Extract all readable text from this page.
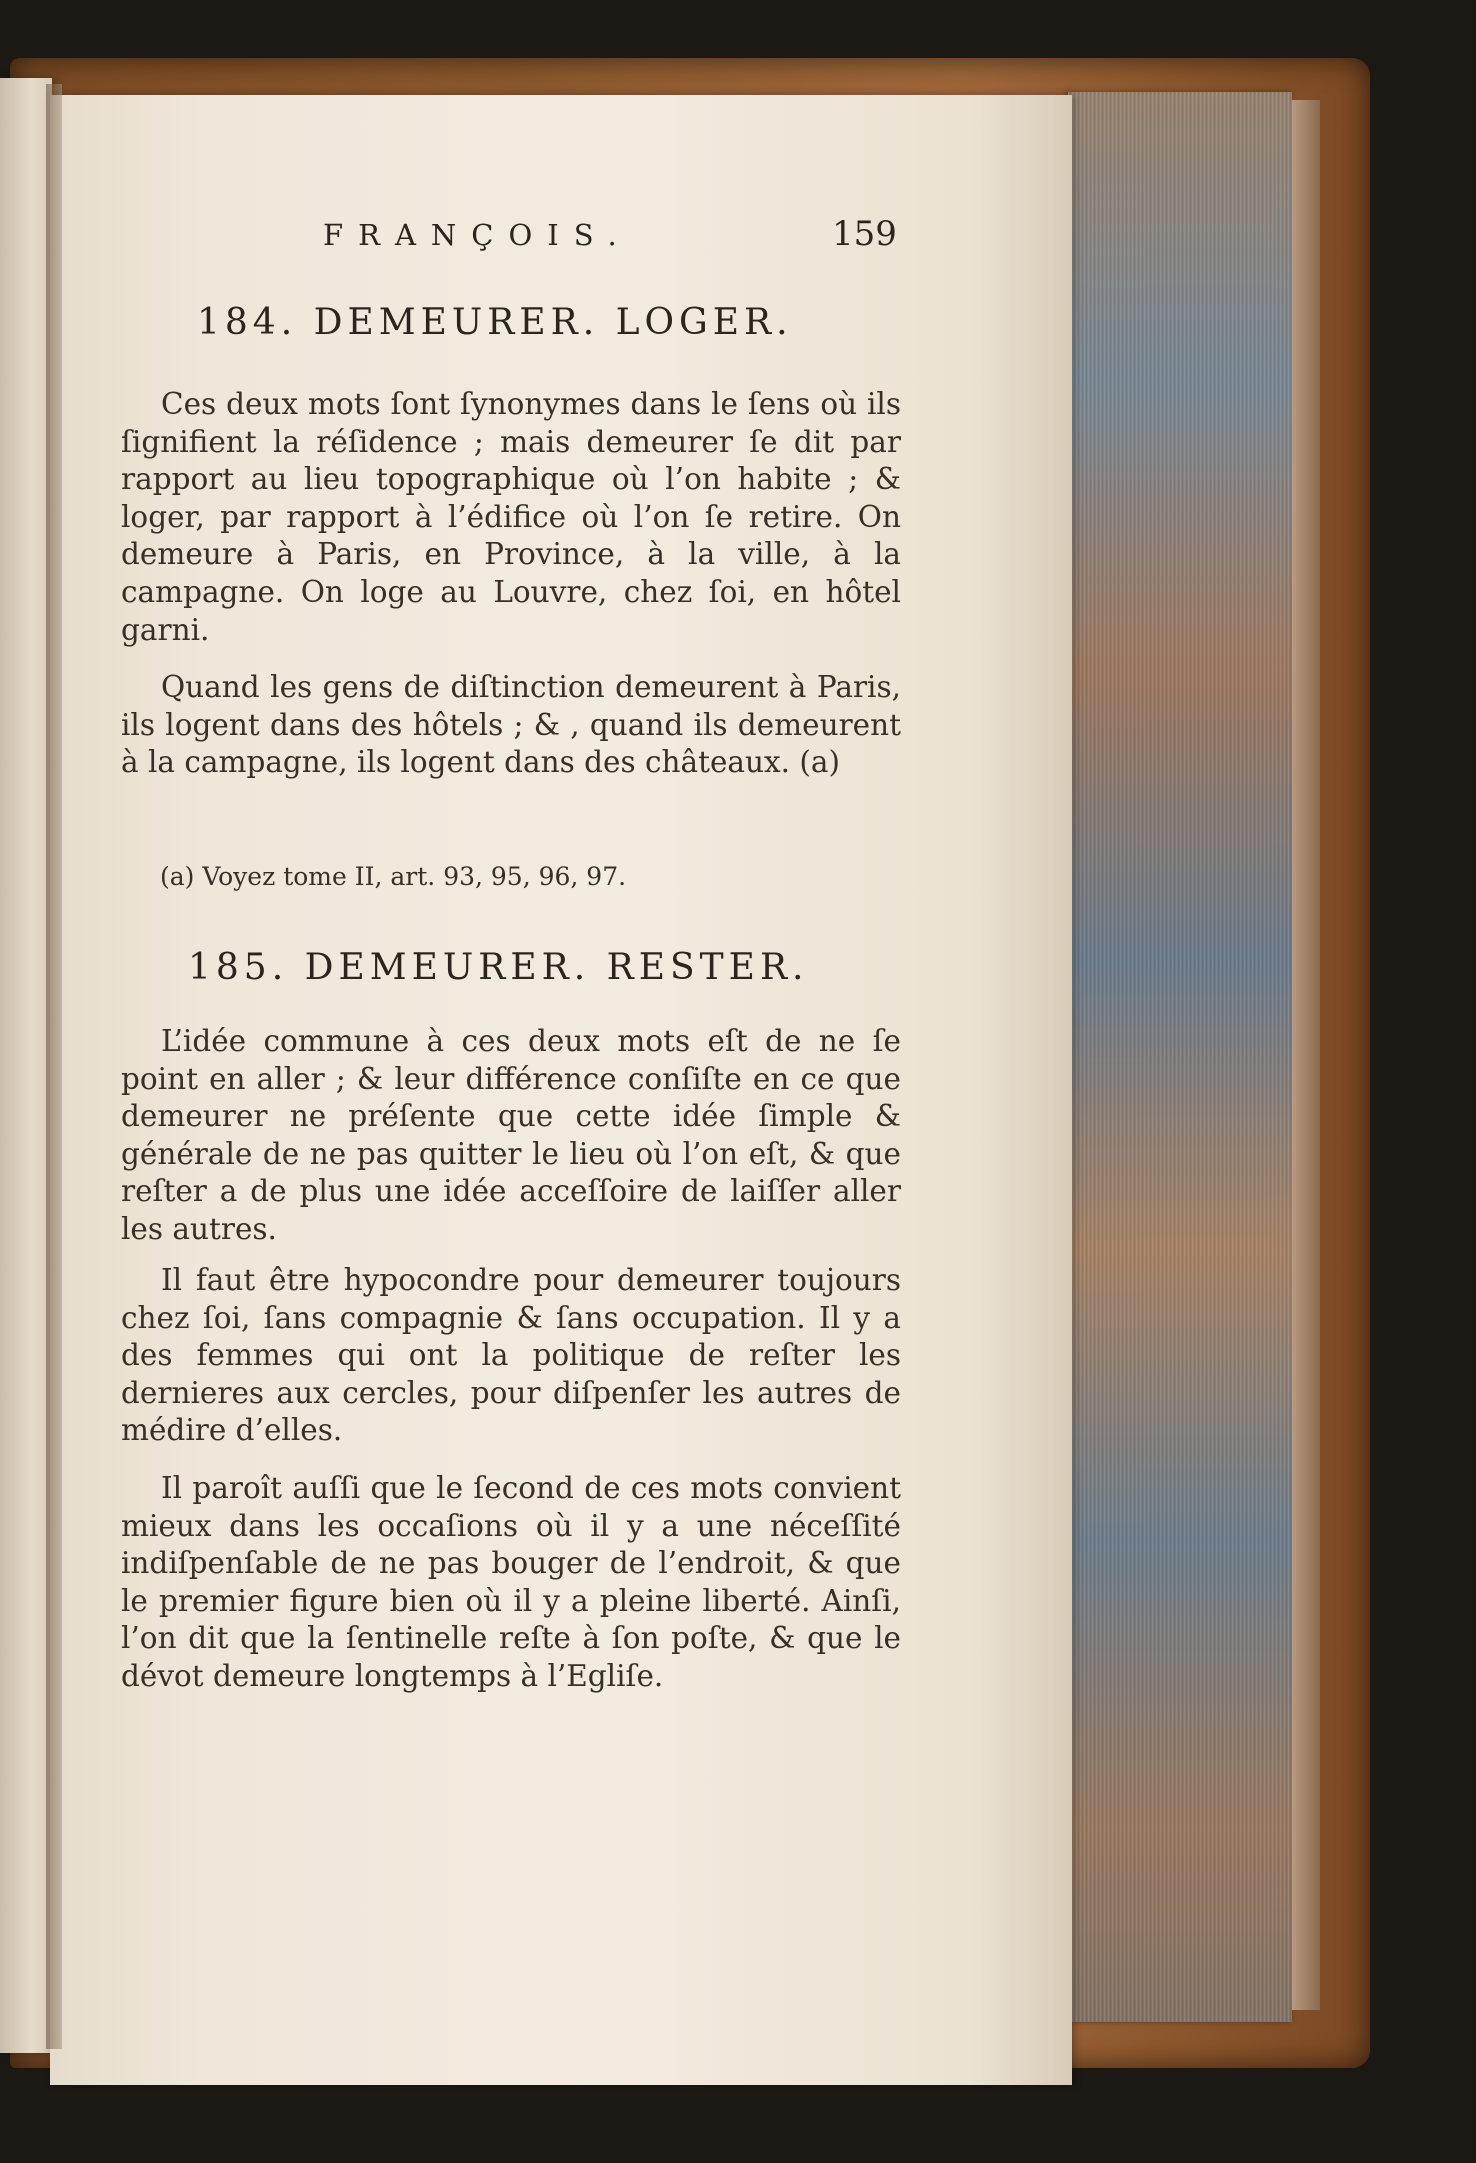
FRANÇOIS.	159
184. DEMEURER. LOGER.
Ces deux mots ſont ſynonymes dans le ſens où ils ſignifient la réſidence ; mais demeurer ſe dit par rapport au lieu topographique où l’on habite ; & loger, par rapport à l’édifice où l’on ſe retire. On demeure à Paris, en Province, à la ville, à la campagne. On loge au Louvre, chez ſoi, en hôtel garni.
Quand les gens de diſtinction demeurent à Paris, ils logent dans des hôtels ; & , quand ils demeurent à la campagne, ils logent dans des châteaux. (a)
(a) Voyez tome II, art. 93, 95, 96, 97.
185. DEMEURER. RESTER.
L’idée commune à ces deux mots eſt de ne ſe point en aller ; & leur différence conſiſte en ce que demeurer ne préſente que cette idée ſimple & générale de ne pas quitter le lieu où l’on eſt, & que reſter a de plus une idée acceſſoire de laiſſer aller les autres.
Il faut être hypocondre pour demeurer toujours chez ſoi, ſans compagnie & ſans occupation. Il y a des femmes qui ont la politique de reſter les dernieres aux cercles, pour diſpenſer les autres de médire d’elles.
Il paroît auſſi que le ſecond de ces mots convient mieux dans les occaſions où il y a une néceſſité indiſpenſable de ne pas bouger de l’endroit, & que le premier figure bien où il y a pleine liberté. Ainſi, l’on dit que la ſentinelle reſte à ſon poſte, & que le dévot demeure longtemps à l’Egliſe.
